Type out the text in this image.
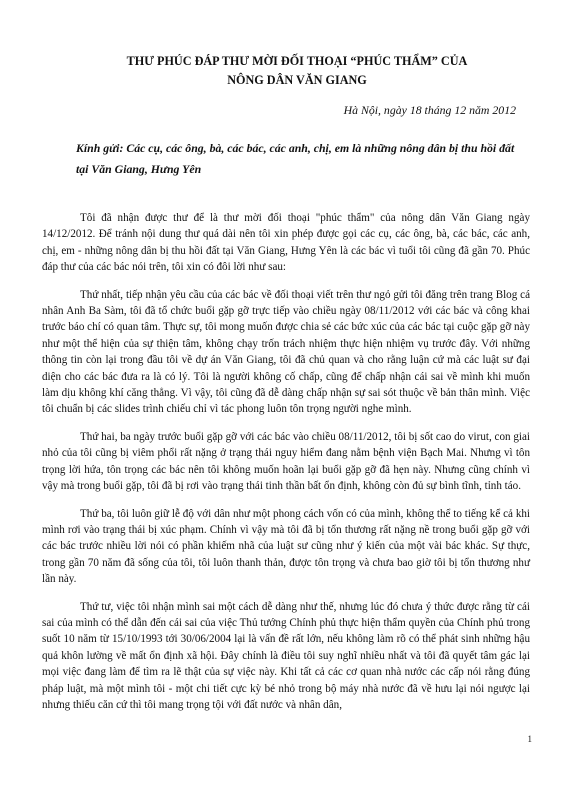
THƯ PHÚC ĐÁP THƯ MỜI ĐỐI THOẠI “PHÚC THẨM” CỦA
NÔNG DÂN VĂN GIANG
Hà Nội, ngày 18 tháng 12 năm 2012
Kính gửi: Các cụ, các ông, bà, các bác, các anh, chị, em là những nông dân bị thu hồi đất tại Văn Giang, Hưng Yên

Tôi đã nhận được thư để là thư mời đối thoại "phúc thẩm" của nông dân Văn Giang ngày 14/12/2012. Để tránh nội dung thư quá dài nên tôi xin phép được gọi các cụ, các ông, bà, các bác, các anh, chị, em - những nông dân bị thu hồi đất tại Văn Giang, Hưng Yên là các bác vì tuổi tôi cũng đã gần 70. Phúc đáp thư của các bác nói trên, tôi xin có đôi lời như sau:

Thứ nhất, tiếp nhận yêu cầu của các bác về đối thoại viết trên thư ngỏ gửi tôi đăng trên trang Blog cá nhân Anh Ba Sàm, tôi đã tổ chức buổi gặp gỡ trực tiếp vào chiều ngày 08/11/2012 với các bác và công khai trước báo chí có quan tâm. Thực sự, tôi mong muốn được chia sẻ các bức xúc của các bác tại cuộc gặp gỡ này như một thể hiện của sự thiện tâm, không chạy trốn trách nhiệm thực hiện nhiệm vụ trước đây. Với những thông tin còn lại trong đầu tôi về dự án Văn Giang, tôi đã chủ quan và cho rằng luận cứ mà các luật sư đại diện cho các bác đưa ra là có lý. Tôi là người không cố chấp, cũng để chấp nhận cái sai về mình khi muốn làm dịu không khí căng thẳng. Vì vậy, tôi cũng đã dễ dàng chấp nhận sự sai sót thuộc về bản thân mình. Việc tôi chuẩn bị các slides trình chiếu chỉ vì tác phong luôn tôn trọng người nghe mình.

Thứ hai, ba ngày trước buổi gặp gỡ với các bác vào chiều 08/11/2012, tôi bị sốt cao do virut, con giai nhỏ của tôi cũng bị viêm phổi rất nặng ở trạng thái nguy hiểm đang nằm bệnh viện Bạch Mai. Nhưng vì tôn trọng lời hứa, tôn trọng các bác nên tôi không muốn hoãn lại buổi gặp gỡ đã hẹn này. Nhưng cũng chính vì vậy mà trong buổi gặp, tôi đã bị rơi vào trạng thái tinh thần bất ổn định, không còn đủ sự bình tĩnh, tỉnh táo.

Thứ ba, tôi luôn giữ lễ độ với dân như một phong cách vốn có của mình, không thể to tiếng kể cả khi mình rơi vào trạng thái bị xúc phạm. Chính vì vậy mà tôi đã bị tổn thương rất nặng nề trong buổi gặp gỡ với các bác trước nhiều lời nói có phần khiếm nhã của luật sư cũng như ý kiến của một vài bác khác. Sự thực, trong gần 70 năm đã sống của tôi, tôi luôn thanh thản, được tôn trọng và chưa bao giờ tôi bị tổn thương như lần này.

Thứ tư, việc tôi nhận mình sai một cách dễ dàng như thế, nhưng lúc đó chưa ý thức được rằng từ cái sai của mình có thể dẫn đến cái sai của việc Thủ tướng Chính phủ thực hiện thẩm quyền của Chính phủ trong suốt 10 năm từ 15/10/1993 tới 30/06/2004 lại là vấn đề rất lớn, nếu không làm rõ có thể phát sinh những hậu quả khôn lường về mất ổn định xã hội. Đây chính là điều tôi suy nghĩ nhiều nhất và tôi đã quyết tâm gác lại mọi việc đang làm để tìm ra lẽ thật của sự việc này. Khi tất cả các cơ quan nhà nước các cấp nói rằng đúng pháp luật, mà một mình tôi - một chi tiết cực kỳ bé nhỏ trong bộ máy nhà nước đã về hưu lại nói ngược lại nhưng thiếu căn cứ thì tôi mang trọng tội với đất nước và nhân dân,

1
